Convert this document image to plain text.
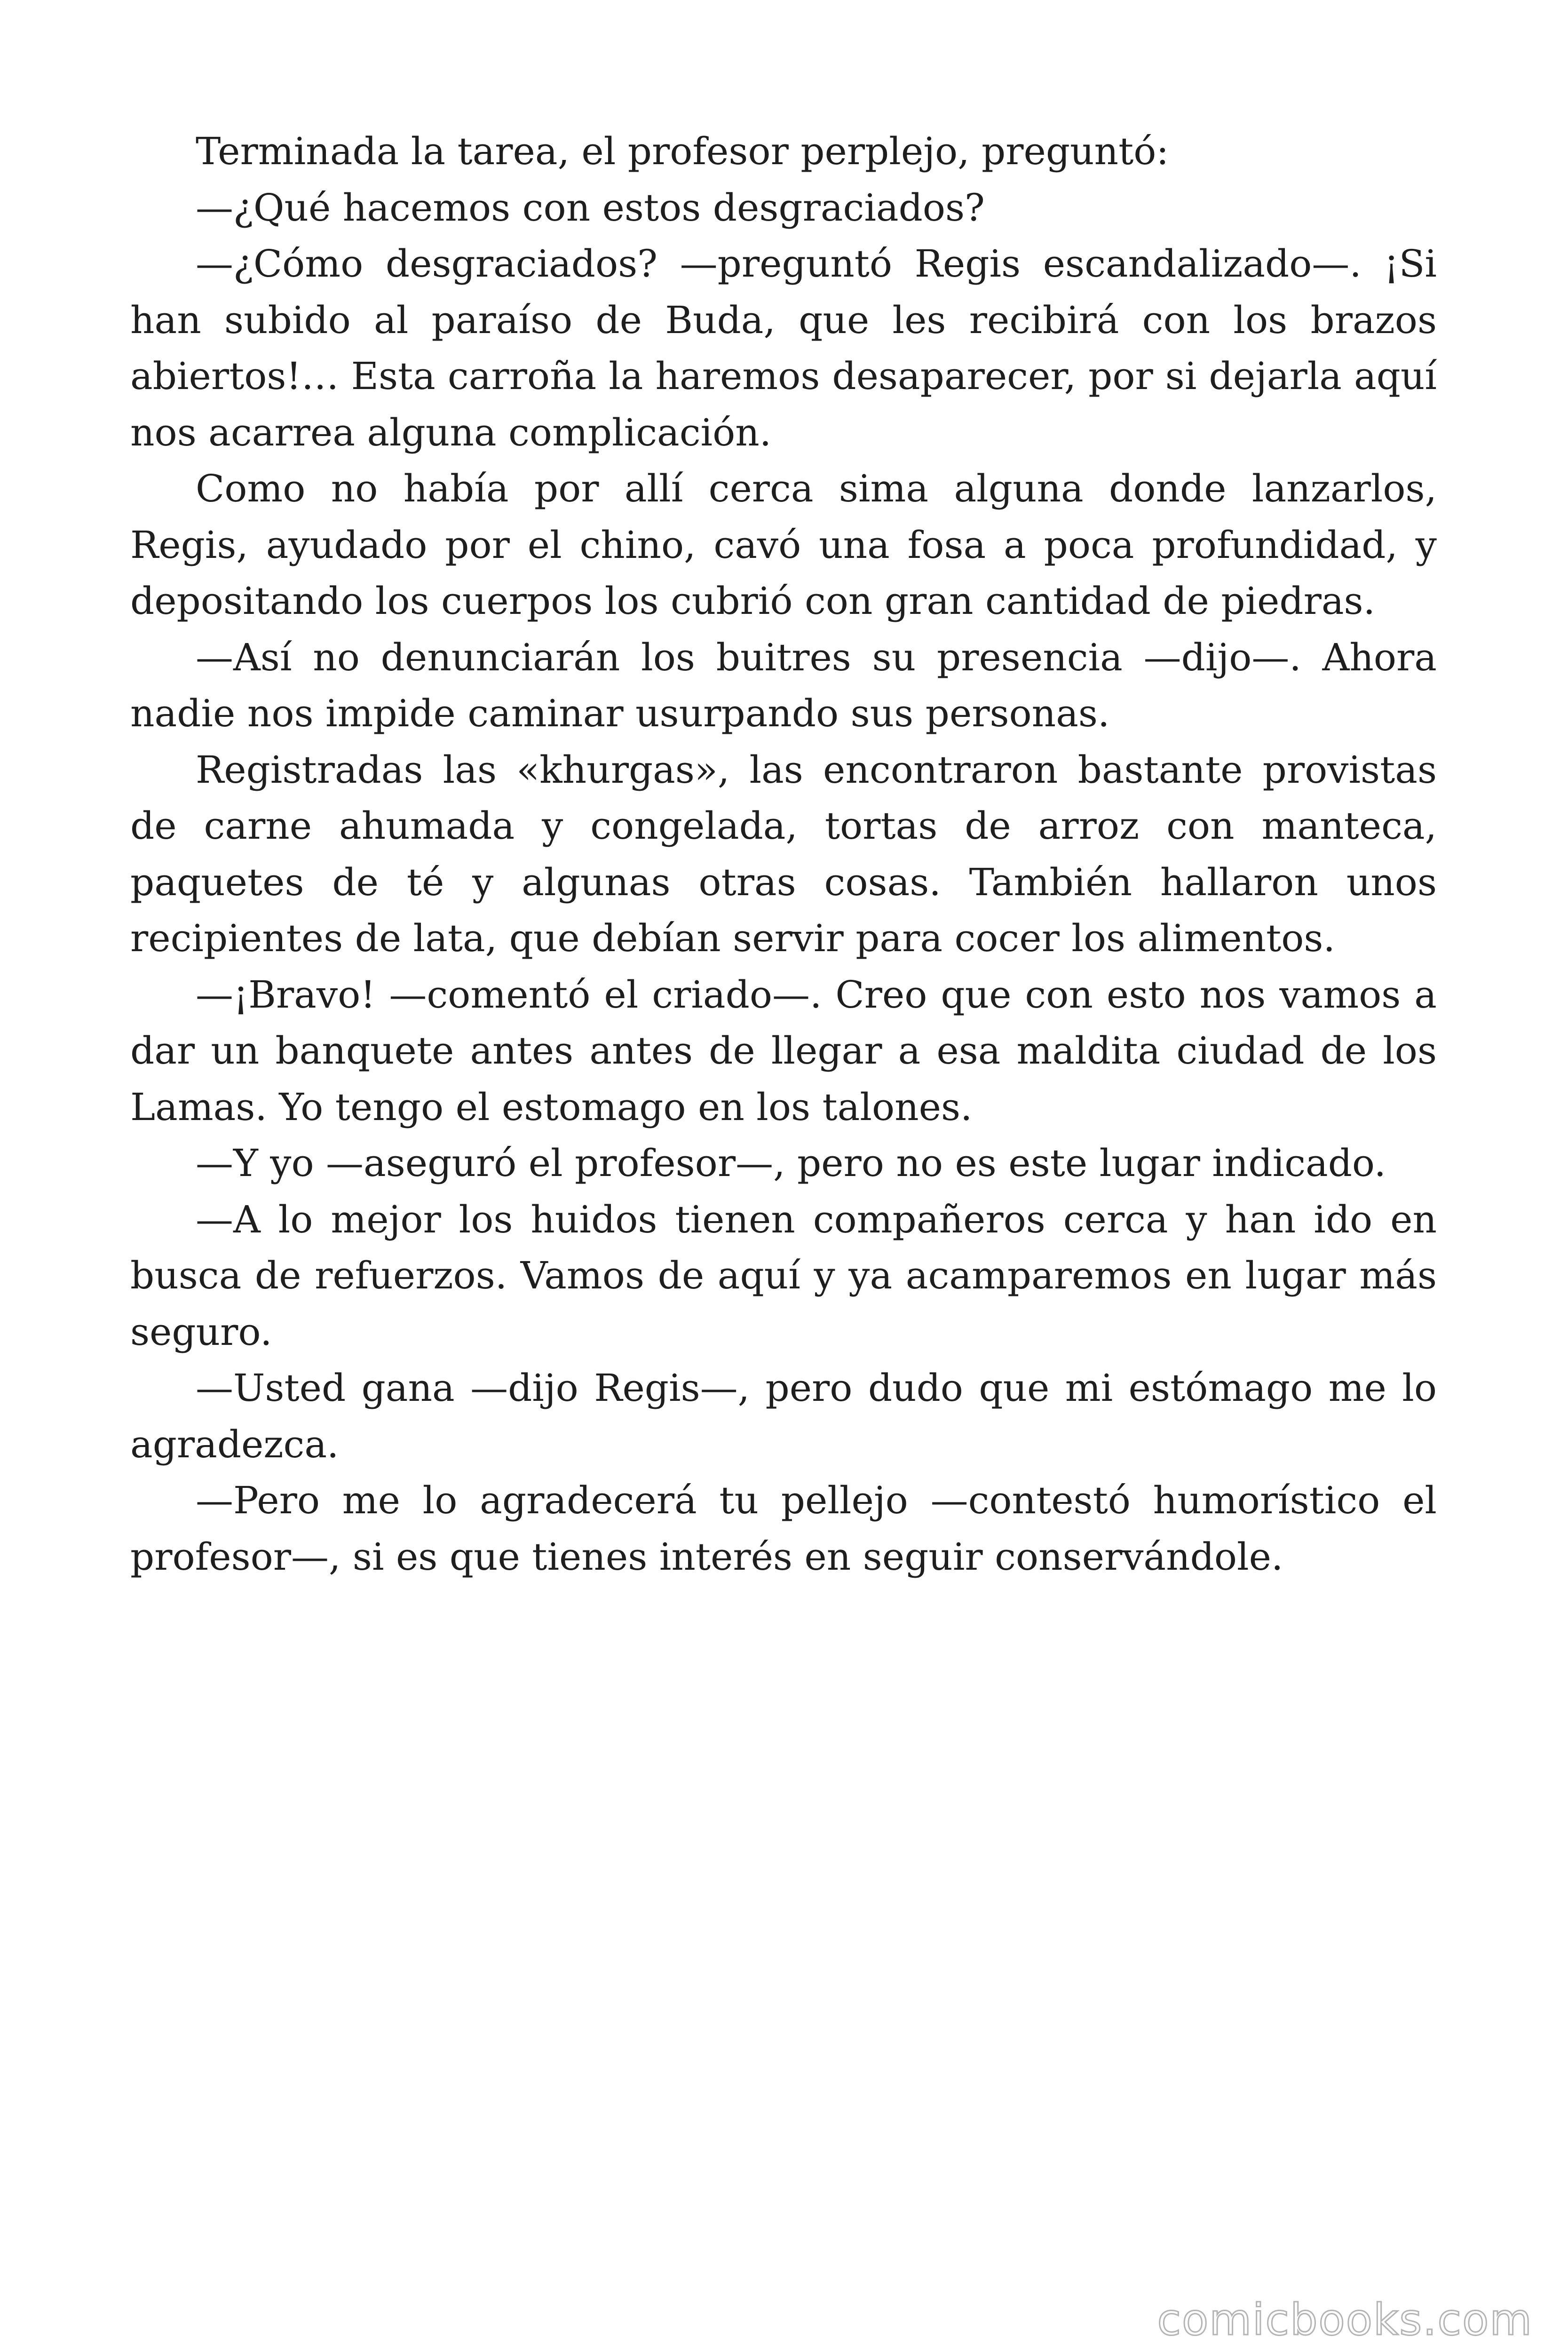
Terminada la tarea, el profesor perplejo, preguntó:

—¿Qué hacemos con estos desgraciados?

—¿Cómo desgraciados? —preguntó Regis escandalizado—. ¡Si han subido al paraíso de Buda, que les recibirá con los brazos abiertos!… Esta carroña la haremos desaparecer, por si dejarla aquí nos acarrea alguna complicación.

Como no había por allí cerca sima alguna donde lanzarlos, Regis, ayudado por el chino, cavó una fosa a poca profundidad, y depositando los cuerpos los cubrió con gran cantidad de piedras.

—Así no denunciarán los buitres su presencia —dijo—. Ahora nadie nos impide caminar usurpando sus personas.

Registradas las «khurgas», las encontraron bastante provistas de carne ahumada y congelada, tortas de arroz con manteca, paquetes de té y algunas otras cosas. También hallaron unos recipientes de lata, que debían servir para cocer los alimentos.

—¡Bravo! —comentó el criado—. Creo que con esto nos vamos a dar un banquete antes antes de llegar a esa maldita ciudad de los Lamas. Yo tengo el estomago en los talones.

—Y yo —aseguró el profesor—, pero no es este lugar indicado.

—A lo mejor los huidos tienen compañeros cerca y han ido en busca de refuerzos. Vamos de aquí y ya acamparemos en lugar más seguro.

—Usted gana —dijo Regis—, pero dudo que mi estómago me lo agradezca.

—Pero me lo agradecerá tu pellejo —contestó humorístico el profesor—, si es que tienes interés en seguir conservándole.

comicbooks.com
